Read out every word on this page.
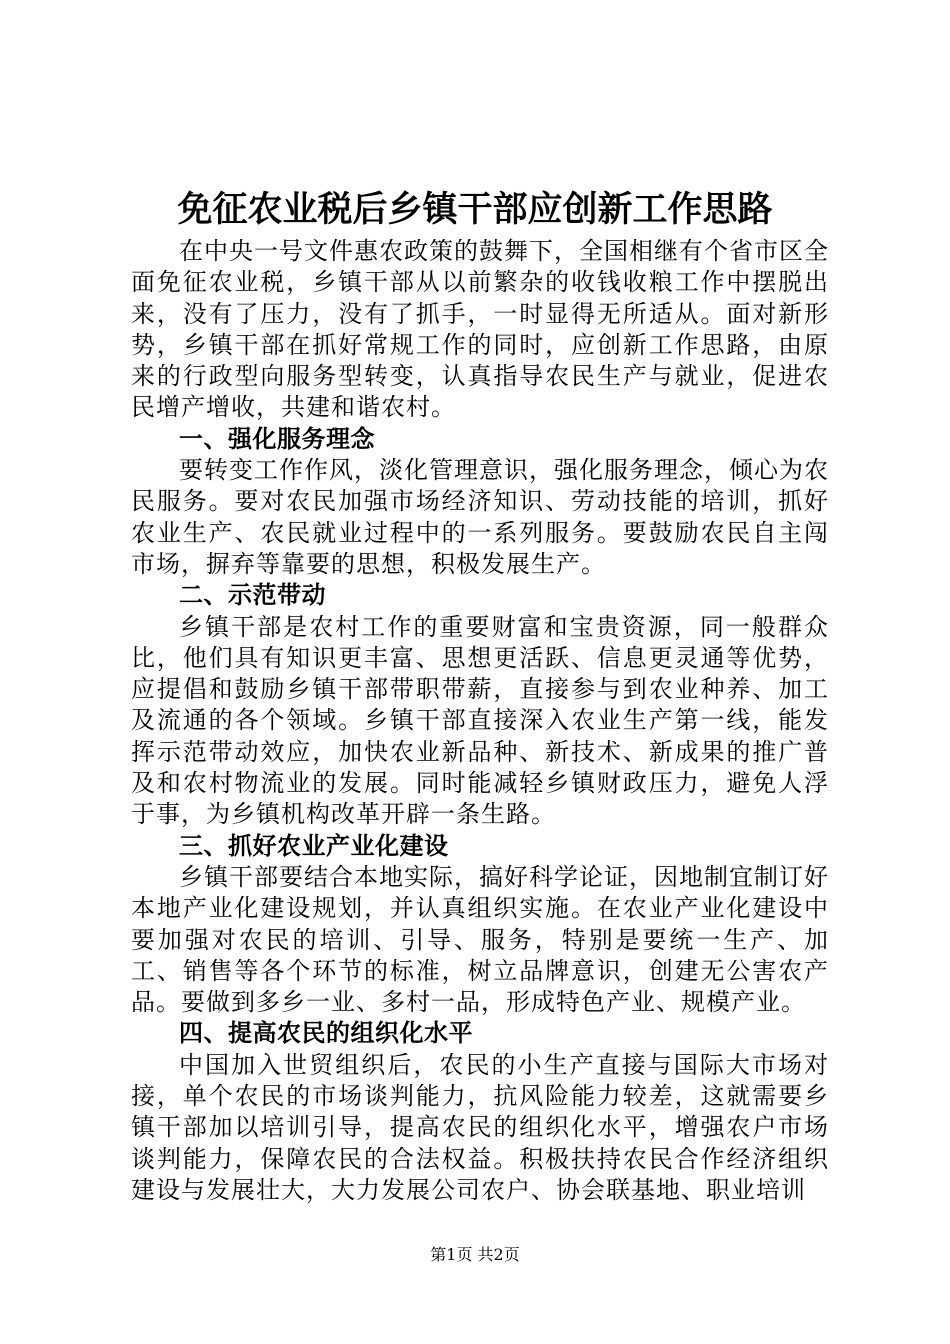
免征农业税后乡镇干部应创新工作思路

在中央一号文件惠农政策的鼓舞下，全国相继有个省市区全面免征农业税，乡镇干部从以前繁杂的收钱收粮工作中摆脱出来，没有了压力，没有了抓手，一时显得无所适从。面对新形势，乡镇干部在抓好常规工作的同时，应创新工作思路，由原来的行政型向服务型转变，认真指导农民生产与就业，促进农民增产增收，共建和谐农村。

一、强化服务理念

要转变工作作风，淡化管理意识，强化服务理念，倾心为农民服务。要对农民加强市场经济知识、劳动技能的培训，抓好农业生产、农民就业过程中的一系列服务。要鼓励农民自主闯市场，摒弃等靠要的思想，积极发展生产。

二、示范带动

乡镇干部是农村工作的重要财富和宝贵资源，同一般群众比，他们具有知识更丰富、思想更活跃、信息更灵通等优势，应提倡和鼓励乡镇干部带职带薪，直接参与到农业种养、加工及流通的各个领域。乡镇干部直接深入农业生产第一线，能发挥示范带动效应，加快农业新品种、新技术、新成果的推广普及和农村物流业的发展。同时能减轻乡镇财政压力，避免人浮于事，为乡镇机构改革开辟一条生路。

三、抓好农业产业化建设

乡镇干部要结合本地实际，搞好科学论证，因地制宜制订好本地产业化建设规划，并认真组织实施。在农业产业化建设中要加强对农民的培训、引导、服务，特别是要统一生产、加工、销售等各个环节的标准，树立品牌意识，创建无公害农产品。要做到多乡一业、多村一品，形成特色产业、规模产业。

四、提高农民的组织化水平

中国加入世贸组织后，农民的小生产直接与国际大市场对接，单个农民的市场谈判能力，抗风险能力较差，这就需要乡镇干部加以培训引导，提高农民的组织化水平，增强农户市场谈判能力，保障农民的合法权益。积极扶持农民合作经济组织建设与发展壮大，大力发展公司农户、协会联基地、职业培训

第1页 共2页
